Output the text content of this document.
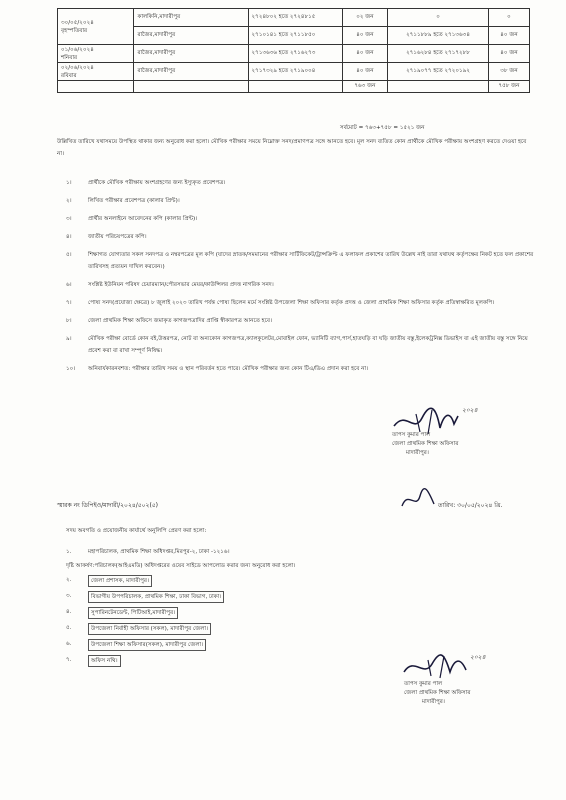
৩০/০৫/২০২৪
বৃহস্পতিবার	কালকিনি,মাদারীপুর	২৭২৪৮০২ হতে ২৭২৪৮১৫	০২ জন	০	০
	রাজৈর,মাদারীপুর	২৭১০১৪১ হতে ২৭১১৮৫০	৪০ জন	২৭১১৮৮৯ হতে ২৭১৩৬৩৪	৪০ জন
০১/০৬/২০২৪
শনিবার	রাজৈর,মাদারীপুর	২৭১৩৬৩৬ হতে ২৭১৬২৭৩	৪০ জন	২৭১৬২৮৪ হতে ২৭১৭২৮৮	৪০ জন
০২/০৬/২০২৪
রবিবার	রাজৈর,মাদারীপুর	২৭১৭৩২৯ হতে ২৭১৯০০৪	৪০ জন	২৭১৯০৭৭ হতে ২৭২০১৯২	৩৮ জন
			৭৬৩ জন		৭৫৮ জন
সর্বমোট = ৭৬৩+৭৫৮ = ১৫২১ জন
উল্লিখিত তারিখে যথাসময়ে উপস্থিত থাকার জন্য অনুরোধ করা হলো। মৌখিক পরীক্ষার সময়ে নিম্নোক্ত সনদ/প্রমাণপত্র সঙ্গে আনতে হবে। মূল সনদ ব্যতিত কোন প্রার্থীকে মৌখিক পরীক্ষায় অংশগ্রহণ করতে দেওয়া হবে না।
১।	প্রার্থীকে মৌখিক পরীক্ষায় অংশগ্রহণের জন্য ইস্যুকৃত প্রবেশপত্র।
২।	লিখিত পরীক্ষার প্রবেশপত্র (কালার প্রিন্ট)।
৩।	প্রার্থীর অনলাইনে আবেদনের কপি (কালার প্রিন্ট)।
৪।	জাতীয় পরিচয়পত্রের কপি।
৫।	শিক্ষাগত যোগ্যতার সকল সনদপত্র ও নম্বরপত্রের মূল কপি (যাদের স্নাতক/সমমানের পরীক্ষার সার্টিফিকেট/ট্রান্সক্রিপ্ট এ ফলাফল প্রকাশের তারিখ উল্লেখ নাই তারা যথাযথ কর্তৃপক্ষের নিকট হতে ফল প্রকাশের তারিখসহ প্রত্যয়ন দাখিল করবেন।)
৬।	সংশ্লিষ্ট ইউনিয়ন পরিষদ চেয়ারম্যান/পৌরসভার মেয়র/কাউন্সিলর প্রদত্ত নাগরিক সনদ।
৭।	পোষ্য সনদ(প্রযোজ্য ক্ষেত্রে) ৮ জুলাই ২০২৩ তারিখ পর্যন্ত পোষ্য ছিলেন মর্মে সংশ্লিষ্ট উপজেলা শিক্ষা অফিসার কর্তৃক প্রদত্ত ও জেলা প্রাথমিক শিক্ষা অফিসার কর্তৃক প্রতিস্বাক্ষরিত মূলকপি।
৮।	জেলা প্রাথমিক শিক্ষা অফিসে জমাকৃত কাগজপত্রাদির প্রাপ্তি স্বীকারপত্র আনতে হবে।
৯।	মৌখিক পরীক্ষা বোর্ডে কোন বই,উত্তরপত্র, নোট বা অন্যকোন কাগজপত্র,ক্যালকুলেটর,মোবাইল ফোন, ভ্যানিটি ব্যাগ,পার্স,হাতঘড়ি বা ঘড়ি জাতীয় বস্তু,ইলেকট্রনিক্স ডিভাইস বা এই জাতীয় বস্তু সঙ্গে নিয়ে প্রবেশ করা বা রাখা সম্পূর্ণ নিষিদ্ধ।
১০।	অনিবার্যকারনবশত: পরীক্ষার তারিখ সময় ও স্থান পরিবর্তন হতে পারে। মৌখিক পরীক্ষার জন্য কোন টিএ/ডিএ প্রদান করা হবে না।
২০২৪
তাপস কুমার পাল
জেলা প্রাথমিক শিক্ষা অফিসার
মাদারীপুর।
স্মারক নং ডিপিইও/মাদারী/২০২৪/৫০২(৫)	তারিখ: ৩০/০৫/২০২৪ খ্রি.
সদয় অবগতি ও প্রয়োজনীয় কার্যার্থে অনুলিপি প্রেরণ করা হলো:
১.	মহাপরিচালক, প্রাথমিক শিক্ষা অধিদপ্তর,মিরপুর-২, ঢাকা -১২১৬।
দৃষ্টি আকর্ষণ:পরিচালক(আইএমডি) অধিদপ্তরের ওয়েব সাইডে আপলোড করার জন্য অনুরোধ করা হলো।
২.	জেলা প্রশাসক, মাদারীপুর।
৩.	বিভাগীয় উপপরিচালক, প্রাথমিক শিক্ষা, ঢাকা বিভাগ, ঢাকা।
৪.	সুপারিনটেনডেন্ট, পিটিআই,মাদারীপুর।
৫.	উপজেলা নির্বাহী অফিসার (সকল), মাদারীপুর জেলা।
৬.	উপজেলা শিক্ষা অফিসার(সকল), মাদারীপুর জেলা।
৭.	অফিস নথি।	২০২৪
তাপস কুমার পাল
জেলা প্রাথমিক শিক্ষা অফিসার
মাদারীপুর।
